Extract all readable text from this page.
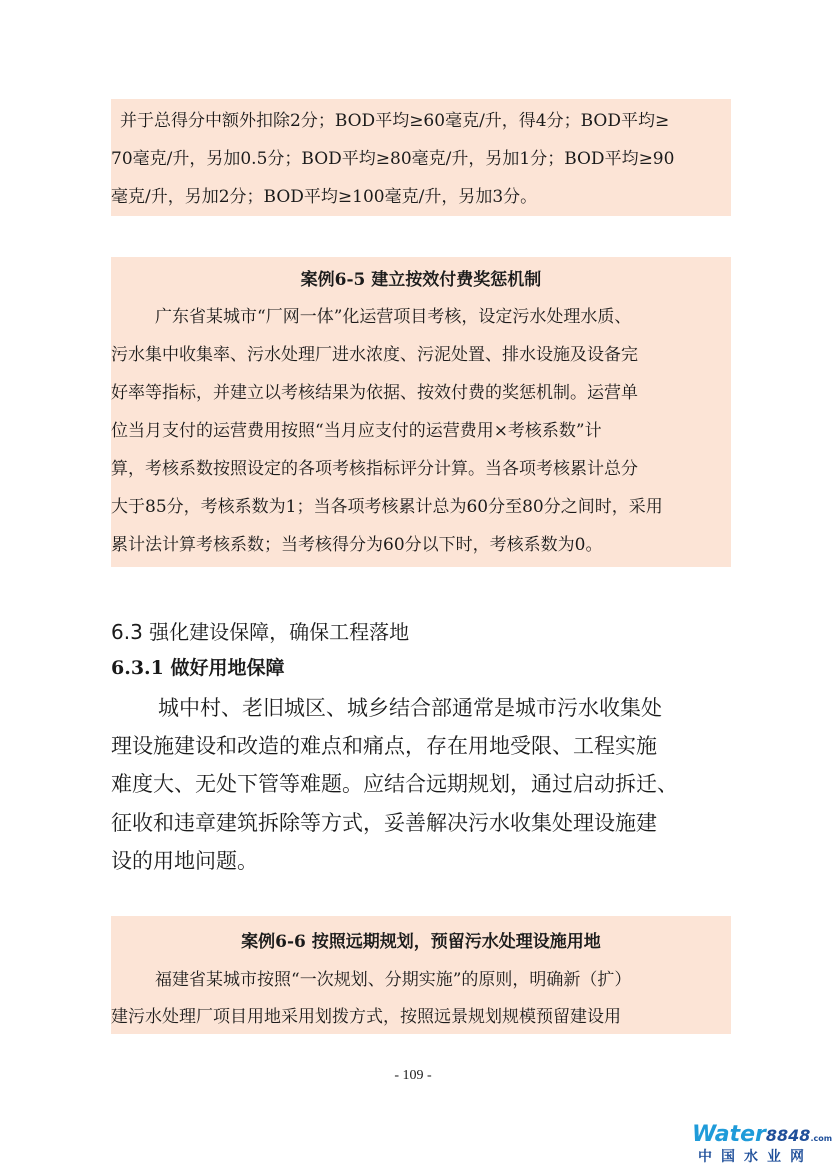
并于总得分中额外扣除2分；BOD平均≥60毫克/升，得4分；BOD平均≥
70毫克/升，另加0.5分；BOD平均≥80毫克/升，另加1分；BOD平均≥90
毫克/升，另加2分；BOD平均≥100毫克/升，另加3分。
案例6-5 建立按效付费奖惩机制
广东省某城市“厂网一体”化运营项目考核，设定污水处理水质、
污水集中收集率、污水处理厂进水浓度、污泥处置、排水设施及设备完
好率等指标，并建立以考核结果为依据、按效付费的奖惩机制。运营单
位当月支付的运营费用按照“当月应支付的运营费用×考核系数”计
算，考核系数按照设定的各项考核指标评分计算。当各项考核累计总分
大于85分，考核系数为1；当各项考核累计总为60分至80分之间时，采用
累计法计算考核系数；当考核得分为60分以下时，考核系数为0。
6.3 强化建设保障，确保工程落地
6.3.1 做好用地保障
城中村、老旧城区、城乡结合部通常是城市污水收集处
理设施建设和改造的难点和痛点，存在用地受限、工程实施
难度大、无处下管等难题。应结合远期规划，通过启动拆迁、
征收和违章建筑拆除等方式，妥善解决污水收集处理设施建
设的用地问题。
案例6-6 按照远期规划，预留污水处理设施用地
福建省某城市按照“一次规划、分期实施”的原则，明确新（扩）
建污水处理厂项目用地采用划拨方式，按照远景规划规模预留建设用
- 109 -
Water8848.com
中国水业网
